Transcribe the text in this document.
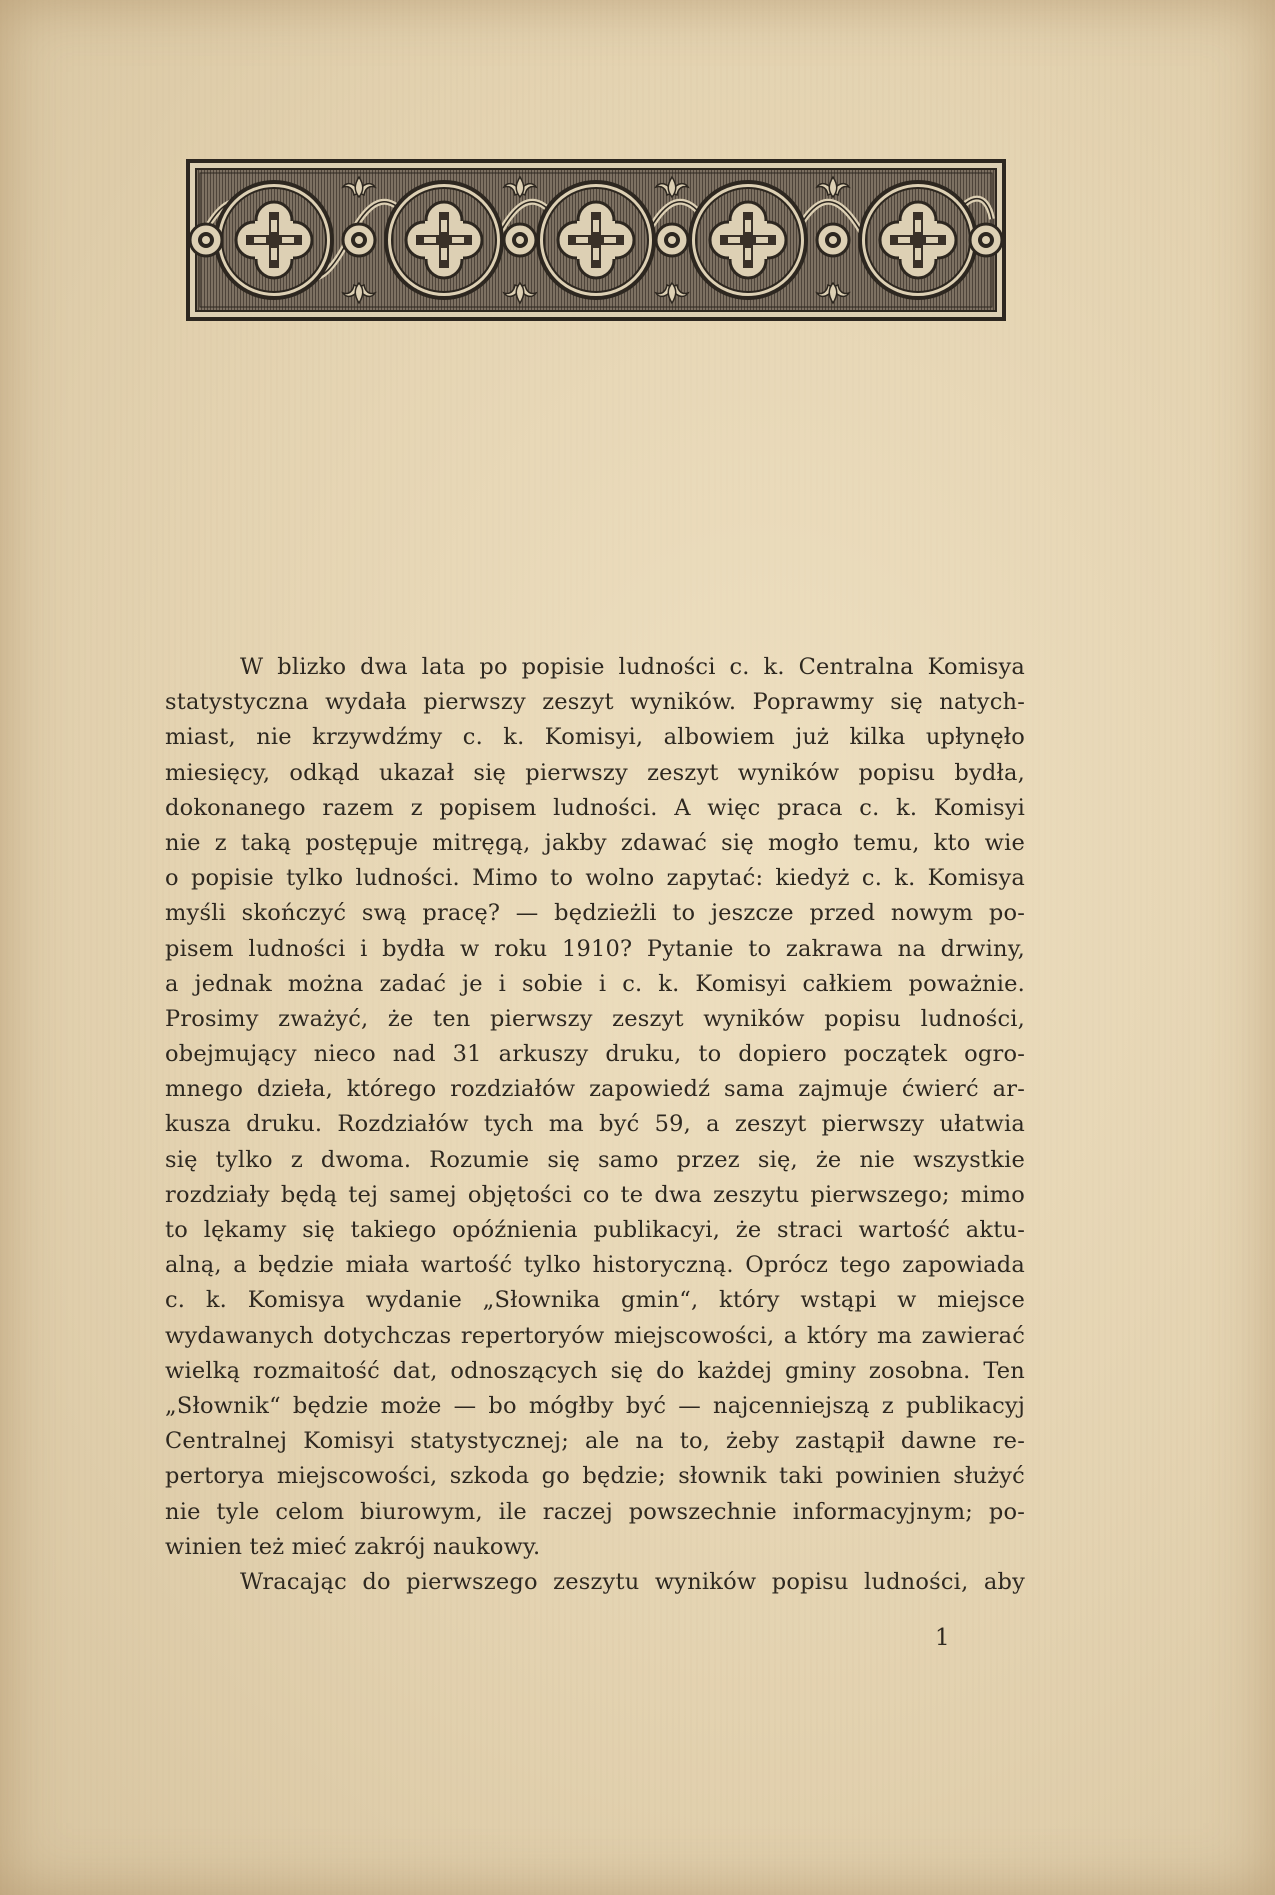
W blizko dwa lata po popisie ludności c. k. Centralna Komisya
statystyczna wydała pierwszy zeszyt wyników. Poprawmy się natych-
miast, nie krzywdźmy c. k. Komisyi, albowiem już kilka upłynęło
miesięcy, odkąd ukazał się pierwszy zeszyt wyników popisu bydła,
dokonanego razem z popisem ludności. A więc praca c. k. Komisyi
nie z taką postępuje mitręgą, jakby zdawać się mogło temu, kto wie
o popisie tylko ludności. Mimo to wolno zapytać: kiedyż c. k. Komisya
myśli skończyć swą pracę? — będzieżli to jeszcze przed nowym po-
pisem ludności i bydła w roku 1910? Pytanie to zakrawa na drwiny,
a jednak można zadać je i sobie i c. k. Komisyi całkiem poważnie.
Prosimy zważyć, że ten pierwszy zeszyt wyników popisu ludności,
obejmujący nieco nad 31 arkuszy druku, to dopiero początek ogro-
mnego dzieła, którego rozdziałów zapowiedź sama zajmuje ćwierć ar-
kusza druku. Rozdziałów tych ma być 59, a zeszyt pierwszy ułatwia
się tylko z dwoma. Rozumie się samo przez się, że nie wszystkie
rozdziały będą tej samej objętości co te dwa zeszytu pierwszego; mimo
to lękamy się takiego opóźnienia publikacyi, że straci wartość aktu-
alną, a będzie miała wartość tylko historyczną. Oprócz tego zapowiada
c. k. Komisya wydanie „Słownika gmin“, który wstąpi w miejsce
wydawanych dotychczas repertoryów miejscowości, a który ma zawierać
wielką rozmaitość dat, odnoszących się do każdej gminy zosobna. Ten
„Słownik“ będzie może — bo mógłby być — najcenniejszą z publikacyj
Centralnej Komisyi statystycznej; ale na to, żeby zastąpił dawne re-
pertorya miejscowości, szkoda go będzie; słownik taki powinien służyć
nie tyle celom biurowym, ile raczej powszechnie informacyjnym; po-
winien też mieć zakrój naukowy.
Wracając do pierwszego zeszytu wyników popisu ludności, aby
1
